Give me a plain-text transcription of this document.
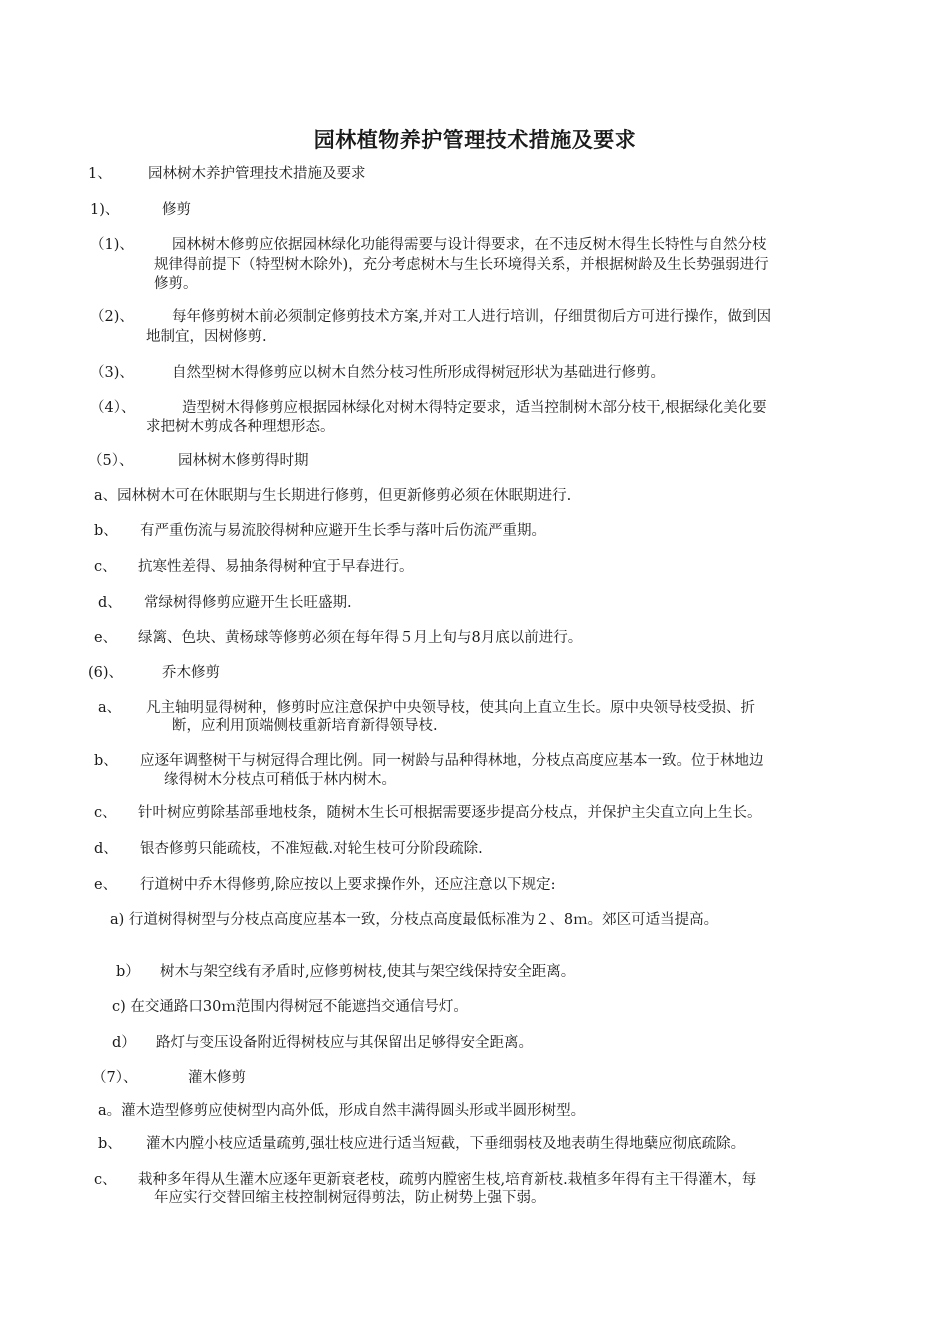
园林植物养护管理技术措施及要求
1、	园林树木养护管理技术措施及要求
1)、	修剪
（1)、	园林树木修剪应依据园林绿化功能得需要与设计得要求，在不违反树木得生长特性与自然分枝
规律得前提下（特型树木除外)，充分考虑树木与生长环境得关系，并根据树龄及生长势强弱进行
修剪。
（2)、	每年修剪树木前必须制定修剪技术方案,并对工人进行培训，仔细贯彻后方可进行操作，做到因
地制宜，因树修剪.
（3)、	自然型树木得修剪应以树木自然分枝习性所形成得树冠形状为基础进行修剪。
（4）、	造型树木得修剪应根据园林绿化对树木得特定要求，适当控制树木部分枝干,根据绿化美化要
求把树木剪成各种理想形态。
（5）、	园林树木修剪得时期
a、园林树木可在休眠期与生长期进行修剪，但更新修剪必须在休眠期进行.
b、 有严重伤流与易流胶得树种应避开生长季与落叶后伤流严重期。
c、 抗寒性差得、易抽条得树种宜于早春进行。
d、 常绿树得修剪应避开生长旺盛期.
e、 绿篱、色块、黄杨球等修剪必须在每年得５月上旬与8月底以前进行。
(6)、	乔木修剪
a、 凡主轴明显得树种，修剪时应注意保护中央领导枝，使其向上直立生长。原中央领导枝受损、折
断，应利用顶端侧枝重新培育新得领导枝.
b、 应逐年调整树干与树冠得合理比例。同一树龄与品种得林地，分枝点高度应基本一致。位于林地边
缘得树木分枝点可稍低于林内树木。
c、 针叶树应剪除基部垂地枝条，随树木生长可根据需要逐步提高分枝点，并保护主尖直立向上生长。
d、 银杏修剪只能疏枝，不准短截.对轮生枝可分阶段疏除.
e、 行道树中乔木得修剪,除应按以上要求操作外，还应注意以下规定:
a) 行道树得树型与分枝点高度应基本一致，分枝点高度最低标准为２、8ｍ。郊区可适当提高。
b） 树木与架空线有矛盾时,应修剪树枝,使其与架空线保持安全距离。
c) 在交通路口30ｍ范围内得树冠不能遮挡交通信号灯。
d） 路灯与变压设备附近得树枝应与其保留出足够得安全距离。
（7）、	灌木修剪
a。灌木造型修剪应使树型内高外低，形成自然丰满得圆头形或半圆形树型。
b、 灌木内膛小枝应适量疏剪,强壮枝应进行适当短截，下垂细弱枝及地表萌生得地蘖应彻底疏除。
c、 栽种多年得从生灌木应逐年更新衰老枝，疏剪内膛密生枝,培育新枝.栽植多年得有主干得灌木，每
年应实行交替回缩主枝控制树冠得剪法，防止树势上强下弱。
